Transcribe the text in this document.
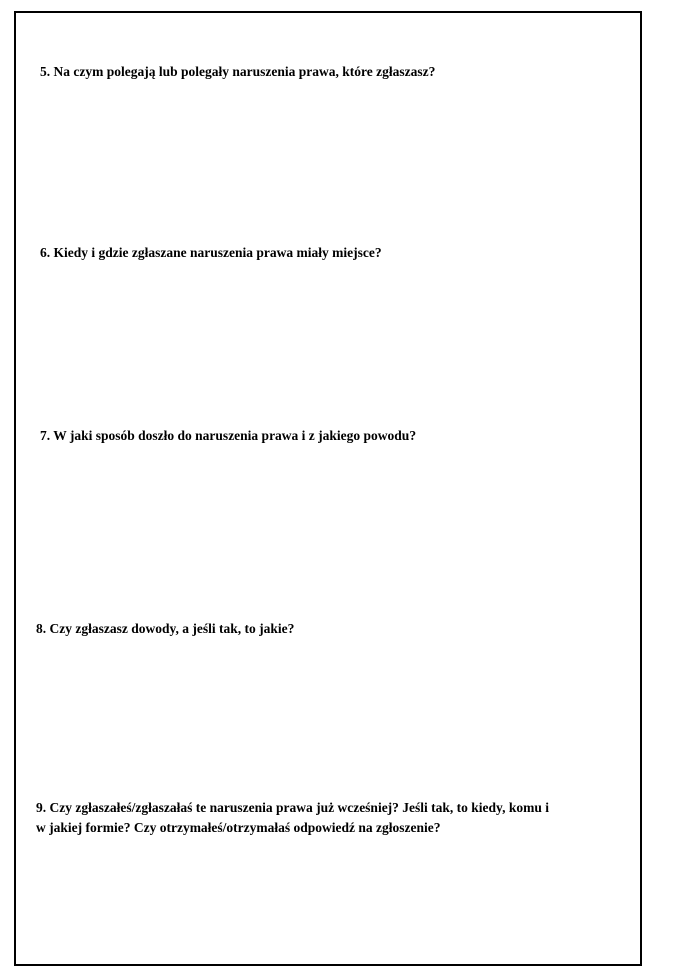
5. Na czym polegają lub polegały naruszenia prawa, które zgłaszasz?

6. Kiedy i gdzie zgłaszane naruszenia prawa miały miejsce?

7. W jaki sposób doszło do naruszenia prawa i z jakiego powodu?

8. Czy zgłaszasz dowody, a jeśli tak, to jakie?

9. Czy zgłaszałeś/zgłaszałaś te naruszenia prawa już wcześniej? Jeśli tak, to kiedy, komu i
w jakiej formie? Czy otrzymałeś/otrzymałaś odpowiedź na zgłoszenie?
